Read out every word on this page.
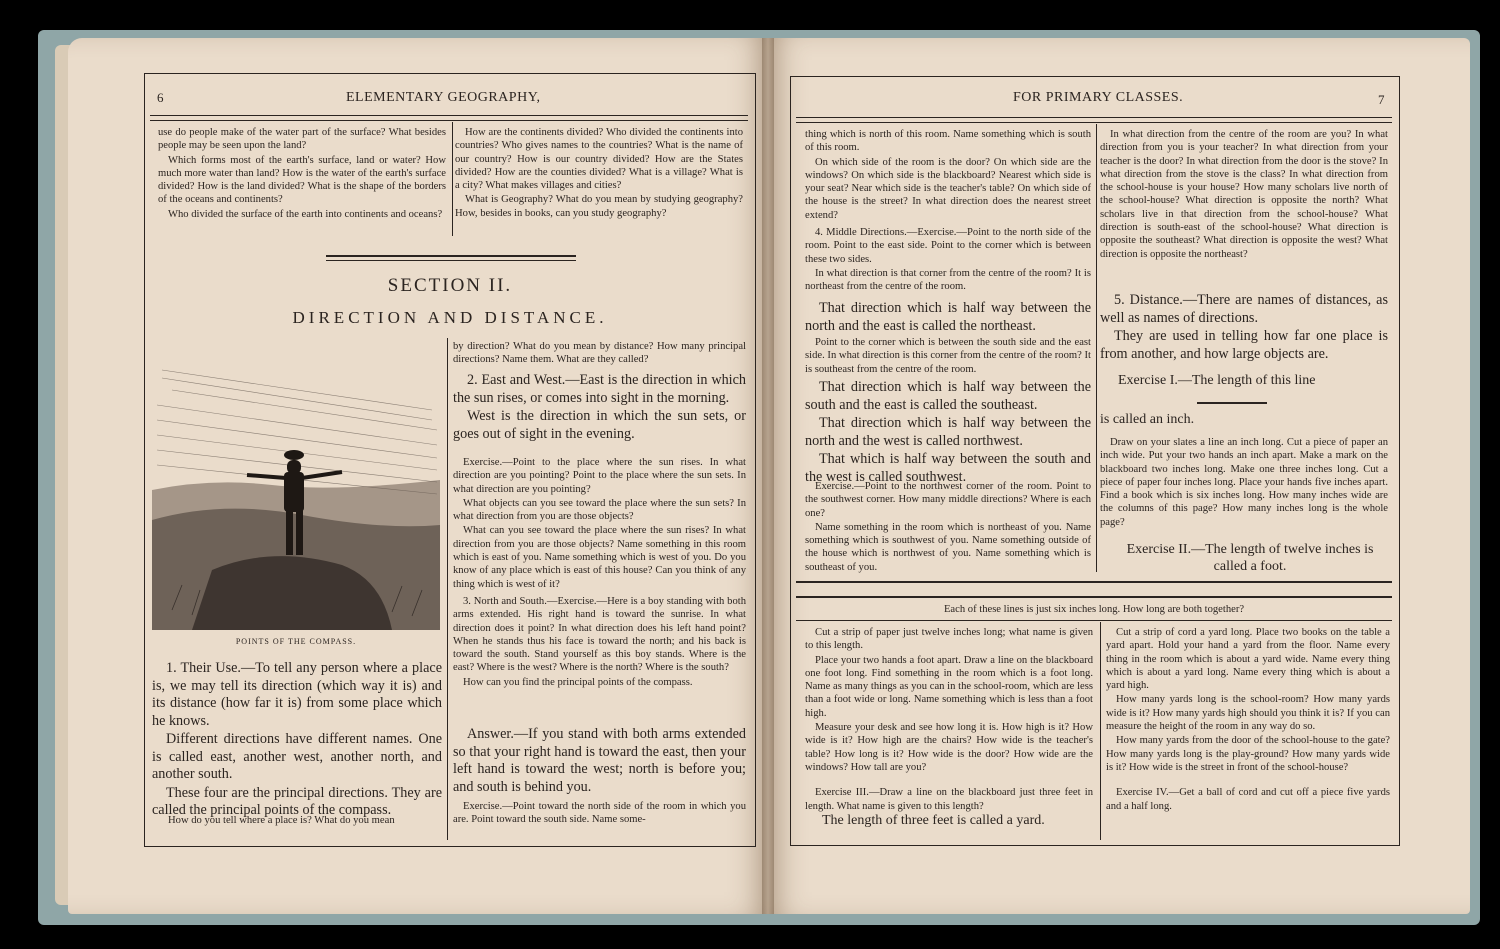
6	ELEMENTARY GEOGRAPHY,

use do people make of the water part of the surface? What besides people may be seen upon the land?

Which forms most of the earth's surface, land or water? How much more water than land? How is the water of the earth's surface divided? How is the land divided? What is the shape of the borders of the oceans and continents?

Who divided the surface of the earth into continents and oceans?

How are the continents divided? Who divided the continents into countries? Who gives names to the countries? What is the name of our country? How is our country divided? How are the States divided? How are the counties divided? What is a village? What is a city? What makes villages and cities?

What is Geography? What do you mean by studying geography? How, besides in books, can you study geography?

SECTION II.
DIRECTION AND DISTANCE.
POINTS OF THE COMPASS.

1. Their Use.—To tell any person where a place is, we may tell its direction (which way it is) and its distance (how far it is) from some place which he knows.

Different directions have different names. One is called east, another west, another north, and another south.

These four are the principal directions. They are called the principal points of the compass.

How do you tell where a place is? What do you mean

by direction? What do you mean by distance? How many principal directions? Name them. What are they called?

2. East and West.—East is the direction in which the sun rises, or comes into sight in the morning.

West is the direction in which the sun sets, or goes out of sight in the evening.

Exercise.—Point to the place where the sun rises. In what direction are you pointing? Point to the place where the sun sets. In what direction are you pointing?

What objects can you see toward the place where the sun sets? In what direction from you are those objects?

What can you see toward the place where the sun rises? In what direction from you are those objects? Name something in this room which is east of you. Name something which is west of you. Do you know of any place which is east of this house? Can you think of any thing which is west of it?

3. North and South.—Exercise.—Here is a boy standing with both arms extended. His right hand is toward the sunrise. In what direction does it point? In what direction does his left hand point? When he stands thus his face is toward the north; and his back is toward the south. Stand yourself as this boy stands. Where is the east? Where is the west? Where is the north? Where is the south?

How can you find the principal points of the compass.

Answer.—If you stand with both arms extended so that your right hand is toward the east, then your left hand is toward the west; north is before you; and south is behind you.

Exercise.—Point toward the north side of the room in which you are. Point toward the south side. Name some-

FOR PRIMARY CLASSES.	7

thing which is north of this room. Name something which is south of this room.

On which side of the room is the door? On which side are the windows? On which side is the blackboard? Nearest which side is your seat? Near which side is the teacher's table? On which side of the house is the street? In what direction does the nearest street extend?

4. Middle Directions.—Exercise.—Point to the north side of the room. Point to the east side. Point to the corner which is between these two sides.

In what direction is that corner from the centre of the room? It is northeast from the centre of the room.

That direction which is half way between the north and the east is called the northeast.

Point to the corner which is between the south side and the east side. In what direction is this corner from the centre of the room? It is southeast from the centre of the room.

That direction which is half way between the south and the east is called the southeast.

That direction which is half way between the north and the west is called northwest.

That which is half way between the south and the west is called southwest.

Exercise.—Point to the northwest corner of the room. Point to the southwest corner. How many middle directions? Where is each one?

Name something in the room which is northeast of you. Name something which is southwest of you. Name something outside of the house which is northwest of you. Name something which is southeast of you.

In what direction from the centre of the room are you? In what direction from you is your teacher? In what direction from your teacher is the door? In what direction from the door is the stove? In what direction from the stove is the class? In what direction from the school-house is your house? How many scholars live north of the school-house? What direction is opposite the north? What scholars live in that direction from the school-house? What direction is south-east of the school-house? What direction is opposite the southeast? What direction is opposite the west? What direction is opposite the northeast?

5. Distance.—There are names of distances, as well as names of directions.

They are used in telling how far one place is from another, and how large objects are.

Exercise I.—The length of this line
is called an inch.

Draw on your slates a line an inch long. Cut a piece of paper an inch wide. Put your two hands an inch apart. Make a mark on the blackboard two inches long. Make one three inches long. Cut a piece of paper four inches long. Place your hands five inches apart. Find a book which is six inches long. How many inches wide are the columns of this page? How many inches long is the whole page?

Exercise II.—The length of twelve inches is called a foot.
Each of these lines is just six inches long. How long are both together?

Cut a strip of paper just twelve inches long; what name is given to this length.

Place your two hands a foot apart. Draw a line on the blackboard one foot long. Find something in the room which is a foot long. Name as many things as you can in the school-room, which are less than a foot wide or long. Name something which is less than a foot high.

Measure your desk and see how long it is. How high is it? How wide is it? How high are the chairs? How wide is the teacher's table? How long is it? How wide is the door? How wide are the windows? How tall are you?

Exercise III.—Draw a line on the blackboard just three feet in length. What name is given to this length?

The length of three feet is called a yard.

Cut a strip of cord a yard long. Place two books on the table a yard apart. Hold your hand a yard from the floor. Name every thing in the room which is about a yard wide. Name every thing which is about a yard long. Name every thing which is about a yard high.

How many yards long is the school-room? How many yards wide is it? How many yards high should you think it is? If you can measure the height of the room in any way do so.

How many yards from the door of the school-house to the gate? How many yards long is the play-ground? How many yards wide is it? How wide is the street in front of the school-house?

Exercise IV.—Get a ball of cord and cut off a piece five yards and a half long.
